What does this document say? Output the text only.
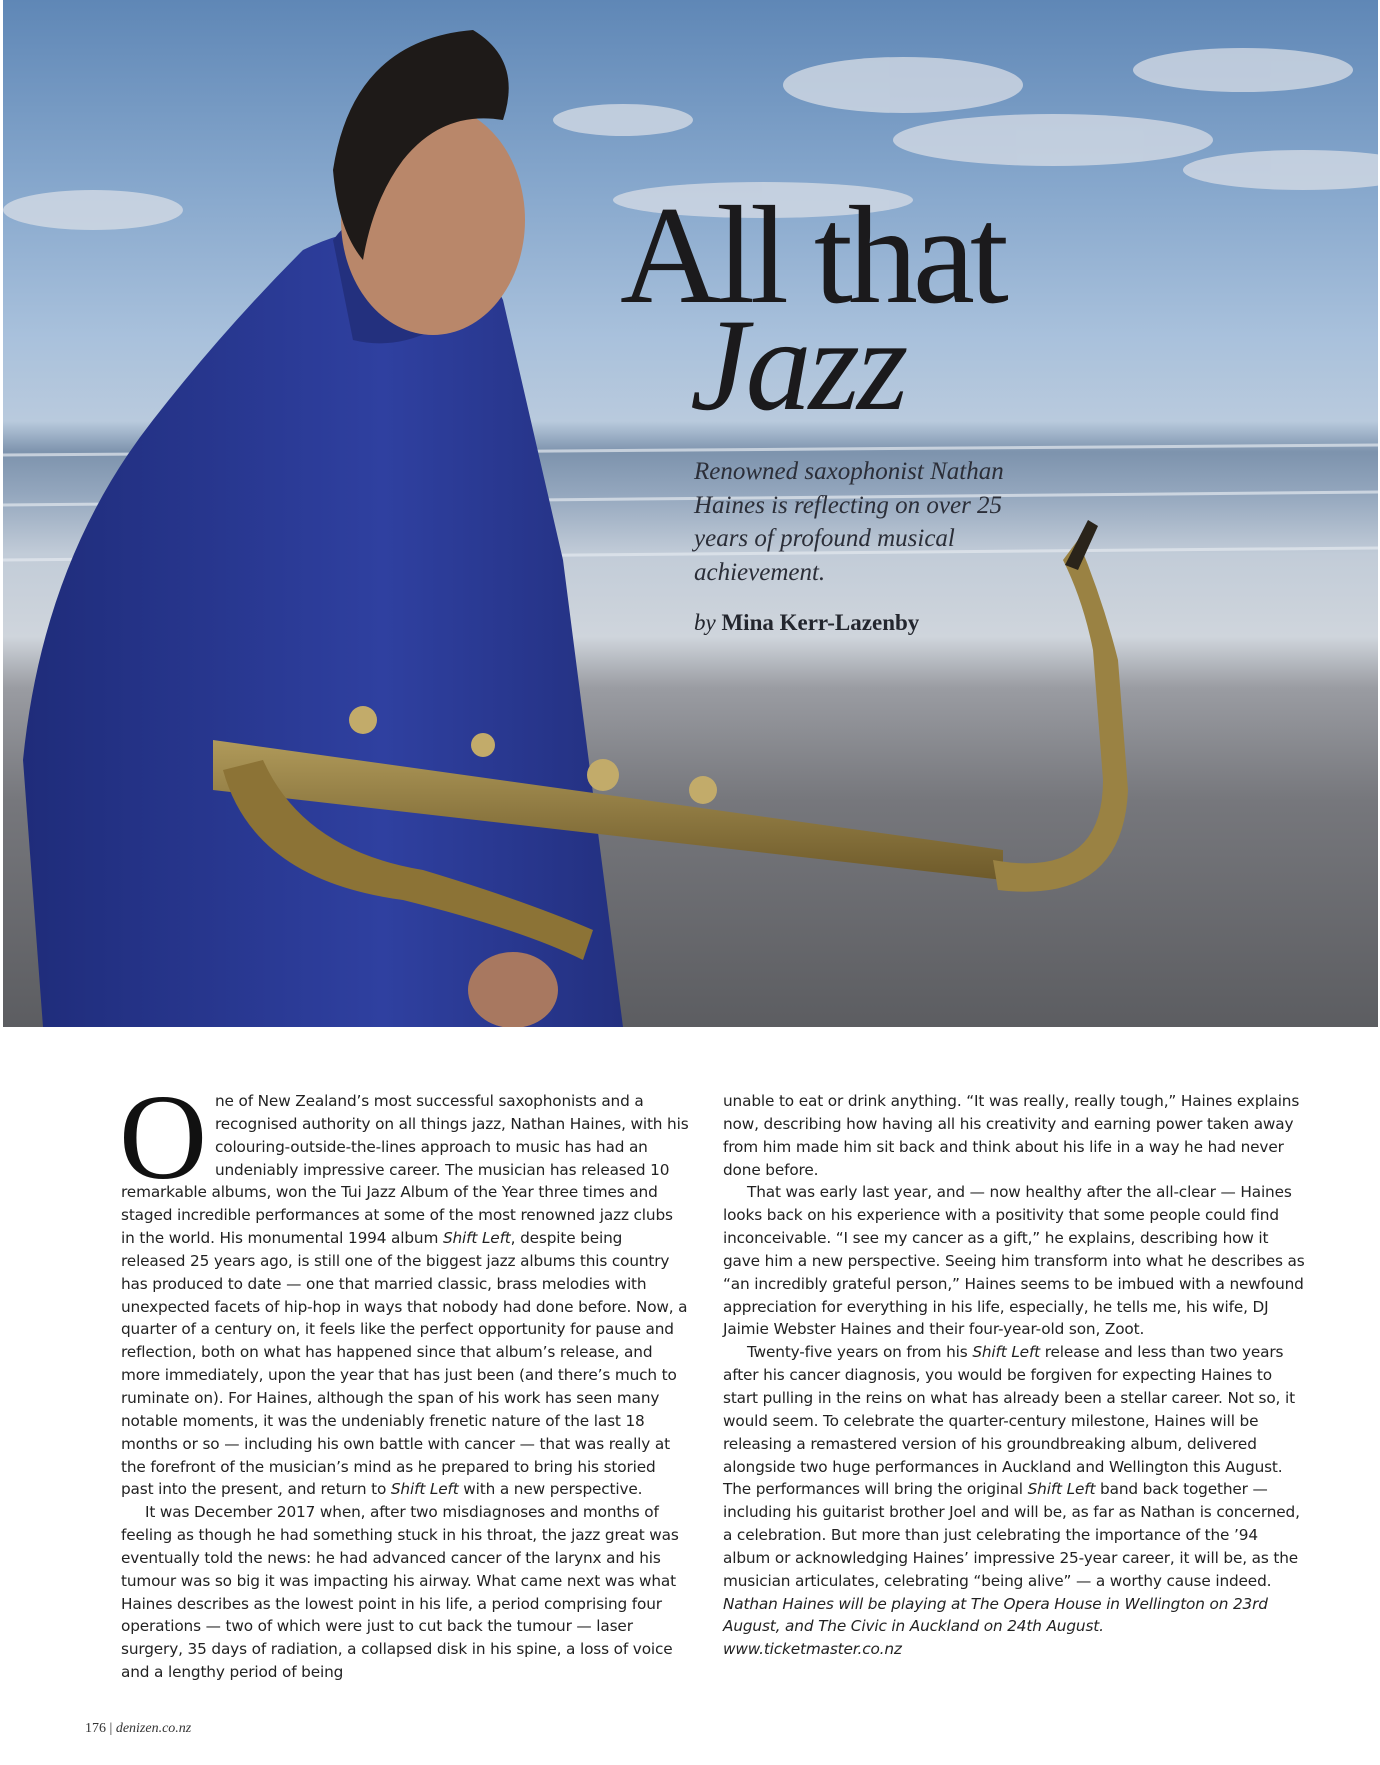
All that
Jazz

Renowned saxophonist Nathan Haines is reflecting on over 25 years of profound musical achievement.

by Mina Kerr-Lazenby

One of New Zealand’s most successful saxophonists and a recognised authority on all things jazz, Nathan Haines, with his colouring-outside-the-lines approach to music has had an undeniably impressive career. The musician has released 10 remarkable albums, won the Tui Jazz Album of the Year three times and staged incredible performances at some of the most renowned jazz clubs in the world. His monumental 1994 album Shift Left, despite being released 25 years ago, is still one of the biggest jazz albums this country has produced to date — one that married classic, brass melodies with unexpected facets of hip-hop in ways that nobody had done before. Now, a quarter of a century on, it feels like the perfect opportunity for pause and reflection, both on what has happened since that album’s release, and more immediately, upon the year that has just been (and there’s much to ruminate on). For Haines, although the span of his work has seen many notable moments, it was the undeniably frenetic nature of the last 18 months or so — including his own battle with cancer — that was really at the forefront of the musician’s mind as he prepared to bring his storied past into the present, and return to Shift Left with a new perspective.

It was December 2017 when, after two misdiagnoses and months of feeling as though he had something stuck in his throat, the jazz great was eventually told the news: he had advanced cancer of the larynx and his tumour was so big it was impacting his airway. What came next was what Haines describes as the lowest point in his life, a period comprising four operations — two of which were just to cut back the tumour — laser surgery, 35 days of radiation, a collapsed disk in his spine, a loss of voice and a lengthy period of being

unable to eat or drink anything. “It was really, really tough,” Haines explains now, describing how having all his creativity and earning power taken away from him made him sit back and think about his life in a way he had never done before.

That was early last year, and — now healthy after the all-clear — Haines looks back on his experience with a positivity that some people could find inconceivable. “I see my cancer as a gift,” he explains, describing how it gave him a new perspective. Seeing him transform into what he describes as “an incredibly grateful person,” Haines seems to be imbued with a newfound appreciation for everything in his life, especially, he tells me, his wife, DJ Jaimie Webster Haines and their four-year-old son, Zoot.

Twenty-five years on from his Shift Left release and less than two years after his cancer diagnosis, you would be forgiven for expecting Haines to start pulling in the reins on what has already been a stellar career. Not so, it would seem. To celebrate the quarter-century milestone, Haines will be releasing a remastered version of his groundbreaking album, delivered alongside two huge performances in Auckland and Wellington this August. The performances will bring the original Shift Left band back together — including his guitarist brother Joel and will be, as far as Nathan is concerned, a celebration. But more than just celebrating the importance of the ’94 album or acknowledging Haines’ impressive 25-year career, it will be, as the musician articulates, celebrating “being alive” — a worthy cause indeed.

Nathan Haines will be playing at The Opera House in Wellington on 23rd August, and The Civic in Auckland on 24th August.

www.ticketmaster.co.nz

176 | denizen.co.nz
